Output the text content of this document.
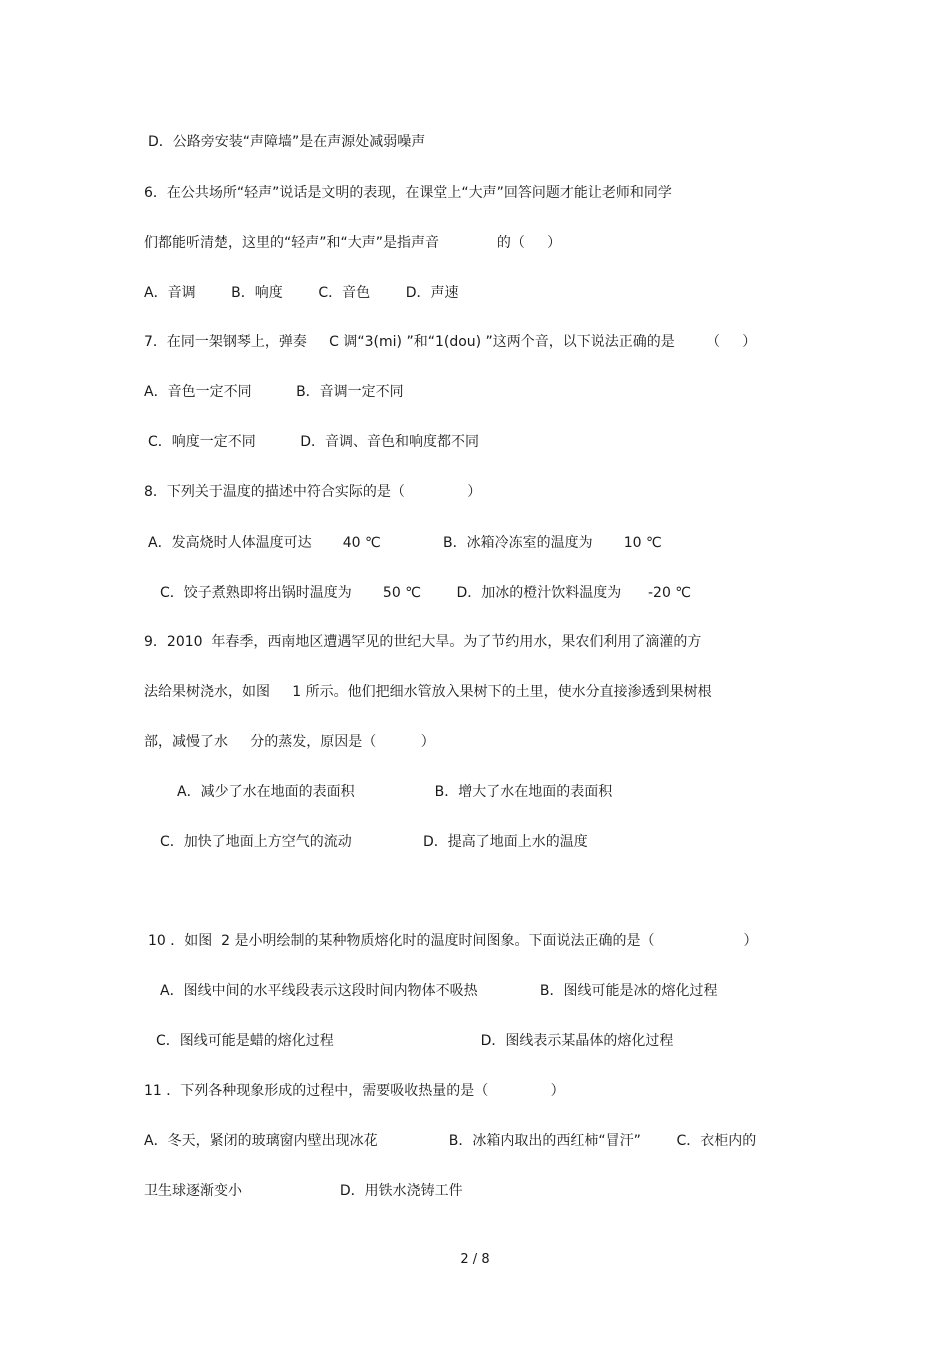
D．公路旁安装“声障墙”是在声源处减弱噪声
6．在公共场所“轻声”说话是文明的表现，在课堂上“大声”回答问题才能让老师和同学
们都能听清楚，这里的“轻声”和“大声”是指声音             的（     ）
A．音调        B．响度        C．音色        D．声速
7．在同一架钢琴上，弹奏     C 调“3(mi) ”和“1(dou) ”这两个音，以下说法正确的是       （     ）
A．音色一定不同          B．音调一定不同
C．响度一定不同          D．音调、音色和响度都不同
8．下列关于温度的描述中符合实际的是（              ）
A．发高烧时人体温度可达       40 ℃              B．冰箱冷冻室的温度为       10 ℃
C．饺子煮熟即将出锅时温度为       50 ℃        D．加冰的橙汁饮料温度为      -20 ℃
9．2010  年春季，西南地区遭遇罕见的世纪大旱。为了节约用水，果农们利用了滴灌的方
法给果树浇水，如图     1 所示。他们把细水管放入果树下的土里，使水分直接渗透到果树根
部，减慢了水     分的蒸发，原因是（          ）
A．减少了水在地面的表面积                  B．增大了水在地面的表面积
C．加快了地面上方空气的流动                D．提高了地面上水的温度
10 ．如图  2 是小明绘制的某种物质熔化时的温度时间图象。下面说法正确的是（                    ）
A．图线中间的水平线段表示这段时间内物体不吸热              B．图线可能是冰的熔化过程
C．图线可能是蜡的熔化过程                                 D．图线表示某晶体的熔化过程
11 ．下列各种现象形成的过程中，需要吸收热量的是（              ）
A．冬天，紧闭的玻璃窗内壁出现冰花                B．冰箱内取出的西红柿“冒汗”        C．衣柜内的
卫生球逐渐变小                      D．用铁水浇铸工件
2 / 8
